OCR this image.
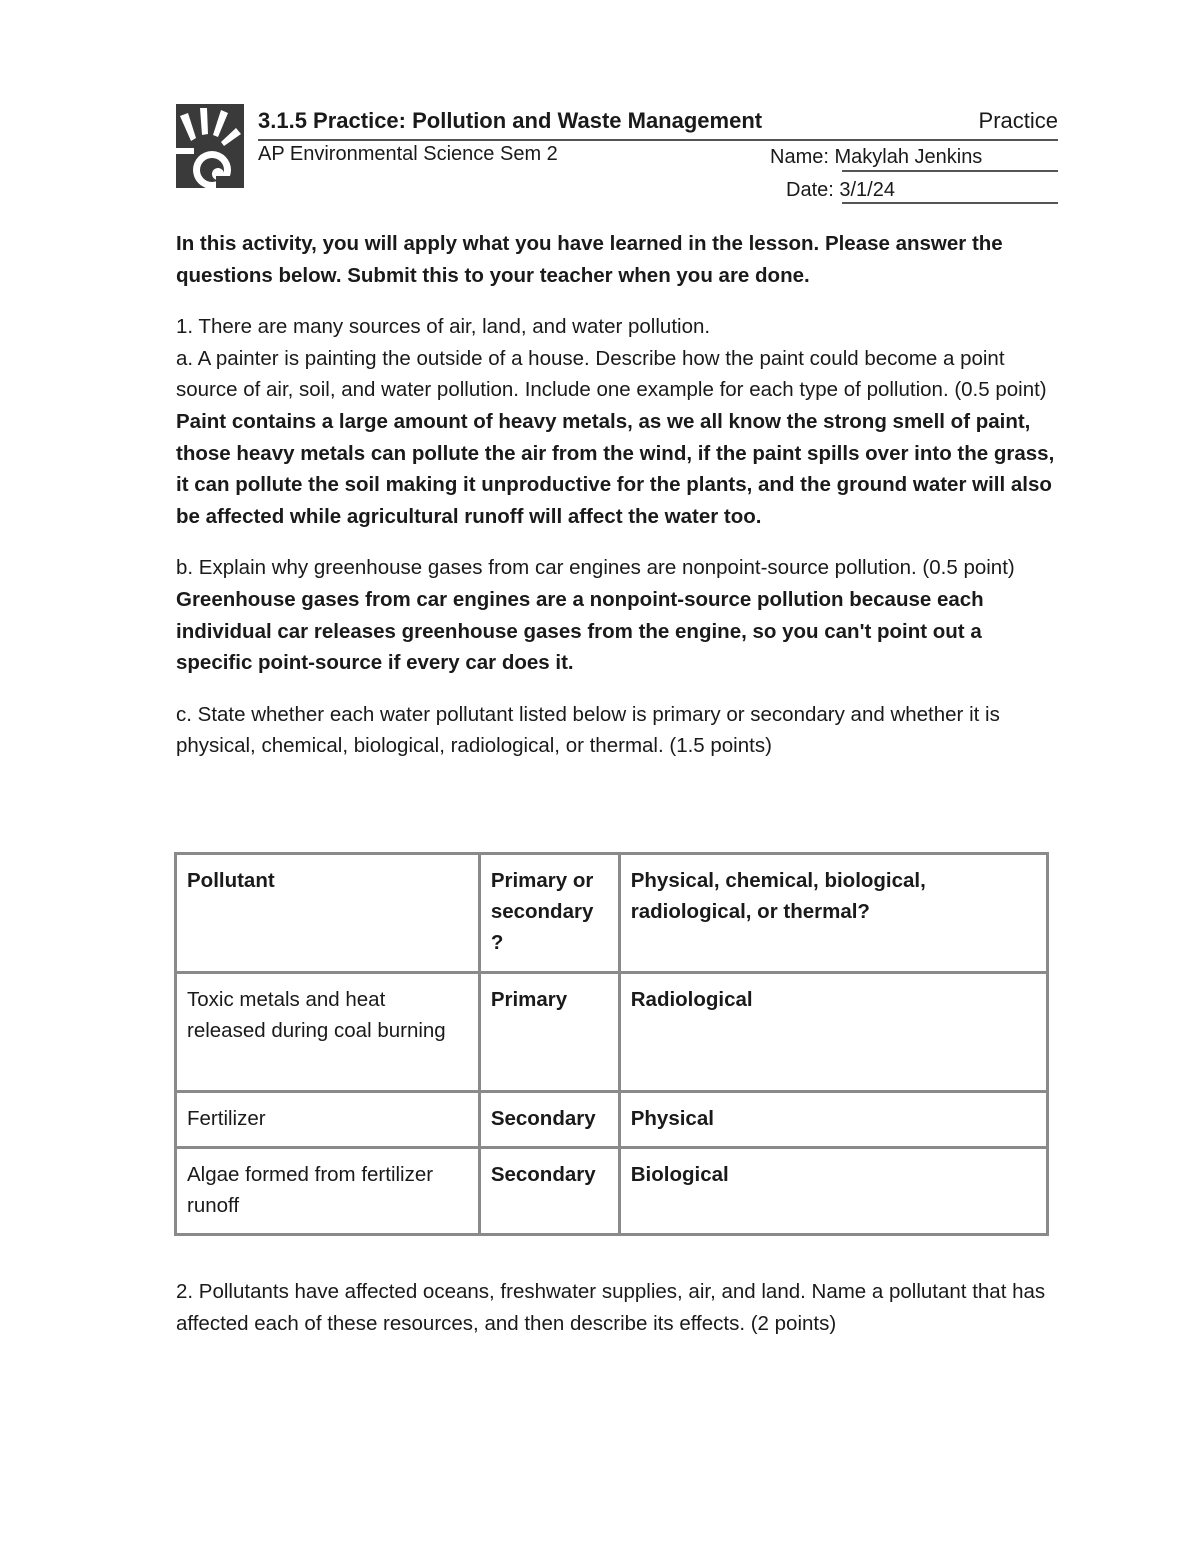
3.1.5 Practice: Pollution and Waste Management	Practice
AP Environmental Science Sem 2	Name: Makylah Jenkins
Date: 3/1/24

In this activity, you will apply what you have learned in the lesson. Please answer the questions below. Submit this to your teacher when you are done.

1. There are many sources of air, land, and water pollution.

a. A painter is painting the outside of a house. Describe how the paint could become a point source of air, soil, and water pollution. Include one example for each type of pollution. (0.5 point)

Paint contains a large amount of heavy metals, as we all know the strong smell of paint, those heavy metals can pollute the air from the wind, if the paint spills over into the grass, it can pollute the soil making it unproductive for the plants, and the ground water will also be affected while agricultural runoff will affect the water too.

b. Explain why greenhouse gases from car engines are nonpoint-source pollution. (0.5 point)

Greenhouse gases from car engines are a nonpoint-source pollution because each individual car releases greenhouse gases from the engine, so you can't point out a specific point-source if every car does it.

c. State whether each water pollutant listed below is primary or secondary and whether it is physical, chemical, biological, radiological, or thermal. (1.5 points)

Pollutant	Primary or secondary ?	Physical, chemical, biological, radiological, or thermal?
Toxic metals and heat released during coal burning	Primary	Radiological
Fertilizer	Secondary	Physical
Algae formed from fertilizer runoff	Secondary	Biological

2. Pollutants have affected oceans, freshwater supplies, air, and land. Name a pollutant that has affected each of these resources, and then describe its effects. (2 points)
